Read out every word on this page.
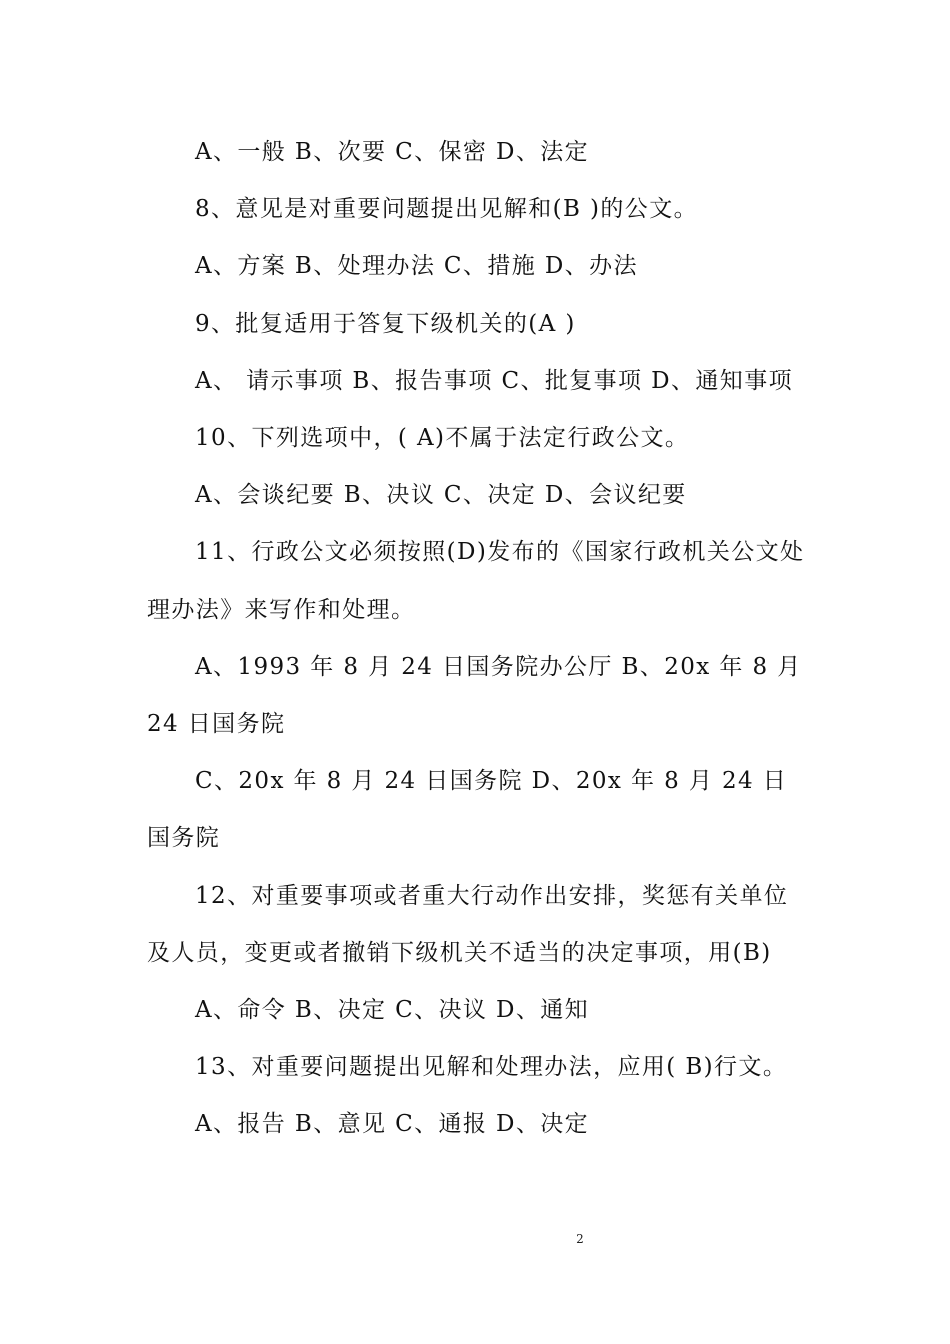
A、一般 B、次要 C、保密 D、法定

8、意见是对重要问题提出见解和(B )的公文。

A、方案 B、处理办法 C、措施 D、办法

9、批复适用于答复下级机关的(A )

A、 请示事项 B、报告事项 C、批复事项 D、通知事项

10、下列选项中，( A)不属于法定行政公文。

A、会谈纪要 B、决议 C、决定 D、会议纪要

11、行政公文必须按照(D)发布的《国家行政机关公文处理办法》来写作和处理。

A、1993 年 8 月 24 日国务院办公厅 B、20x 年 8 月 24 日国务院

C、20x 年 8 月 24 日国务院 D、20x 年 8 月 24 日国务院

12、对重要事项或者重大行动作出安排，奖惩有关单位及人员，变更或者撤销下级机关不适当的决定事项，用(B)

A、命令 B、决定 C、决议 D、通知

13、对重要问题提出见解和处理办法，应用( B)行文。

A、报告 B、意见 C、通报 D、决定

2
